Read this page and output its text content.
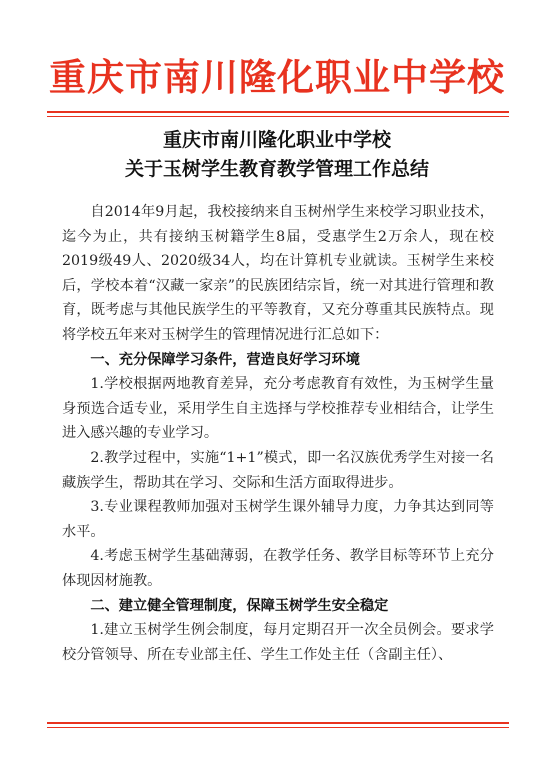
重庆市南川隆化职业中学校
重庆市南川隆化职业中学校
关于玉树学生教育教学管理工作总结

自2014年9月起，我校接纳来自玉树州学生来校学习职业技术，迄今为止，共有接纳玉树籍学生8届，受惠学生2万余人，现在校2019级49人、2020级34人，均在计算机专业就读。玉树学生来校后，学校本着“汉藏一家亲”的民族团结宗旨，统一对其进行管理和教育，既考虑与其他民族学生的平等教育，又充分尊重其民族特点。现将学校五年来对玉树学生的管理情况进行汇总如下：

一、充分保障学习条件，营造良好学习环境

1.学校根据两地教育差异，充分考虑教育有效性，为玉树学生量身预选合适专业，采用学生自主选择与学校推荐专业相结合，让学生进入感兴趣的专业学习。

2.教学过程中，实施“1+1”模式，即一名汉族优秀学生对接一名藏族学生，帮助其在学习、交际和生活方面取得进步。

3.专业课程教师加强对玉树学生课外辅导力度，力争其达到同等水平。

4.考虑玉树学生基础薄弱，在教学任务、教学目标等环节上充分体现因材施教。

二、建立健全管理制度，保障玉树学生安全稳定

1.建立玉树学生例会制度，每月定期召开一次全员例会。要求学校分管领导、所在专业部主任、学生工作处主任（含副主任）、
